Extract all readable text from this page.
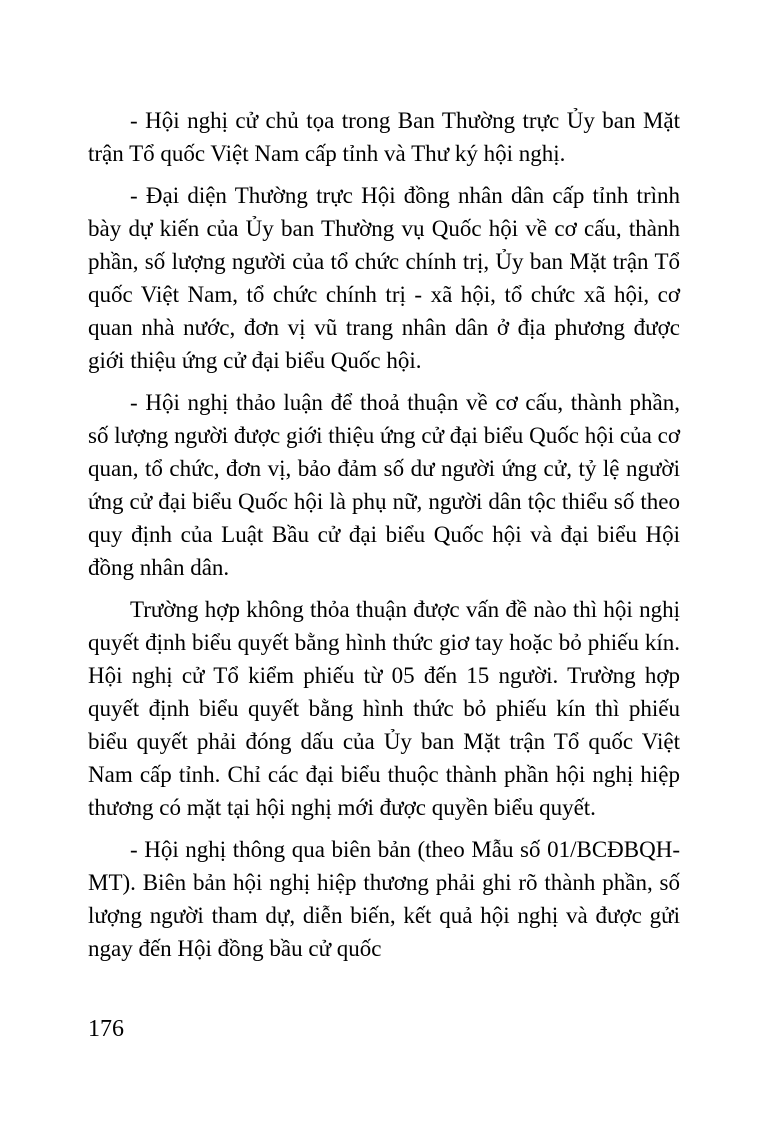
- Hội nghị cử chủ tọa trong Ban Thường trực Ủy ban Mặt trận Tổ quốc Việt Nam cấp tỉnh và Thư ký hội nghị.

- Đại diện Thường trực Hội đồng nhân dân cấp tỉnh trình bày dự kiến của Ủy ban Thường vụ Quốc hội về cơ cấu, thành phần, số lượng người của tổ chức chính trị, Ủy ban Mặt trận Tổ quốc Việt Nam, tổ chức chính trị - xã hội, tổ chức xã hội, cơ quan nhà nước, đơn vị vũ trang nhân dân ở địa phương được giới thiệu ứng cử đại biểu Quốc hội.

- Hội nghị thảo luận để thoả thuận về cơ cấu, thành phần, số lượng người được giới thiệu ứng cử đại biểu Quốc hội của cơ quan, tổ chức, đơn vị, bảo đảm số dư người ứng cử, tỷ lệ người ứng cử đại biểu Quốc hội là phụ nữ, người dân tộc thiểu số theo quy định của Luật Bầu cử đại biểu Quốc hội và đại biểu Hội đồng nhân dân.

Trường hợp không thỏa thuận được vấn đề nào thì hội nghị quyết định biểu quyết bằng hình thức giơ tay hoặc bỏ phiếu kín. Hội nghị cử Tổ kiểm phiếu từ 05 đến 15 người. Trường hợp quyết định biểu quyết bằng hình thức bỏ phiếu kín thì phiếu biểu quyết phải đóng dấu của Ủy ban Mặt trận Tổ quốc Việt Nam cấp tỉnh. Chỉ các đại biểu thuộc thành phần hội nghị hiệp thương có mặt tại hội nghị mới được quyền biểu quyết.

- Hội nghị thông qua biên bản (theo Mẫu số 01/BCĐBQH-MT). Biên bản hội nghị hiệp thương phải ghi rõ thành phần, số lượng người tham dự, diễn biến, kết quả hội nghị và được gửi ngay đến Hội đồng bầu cử quốc

176
